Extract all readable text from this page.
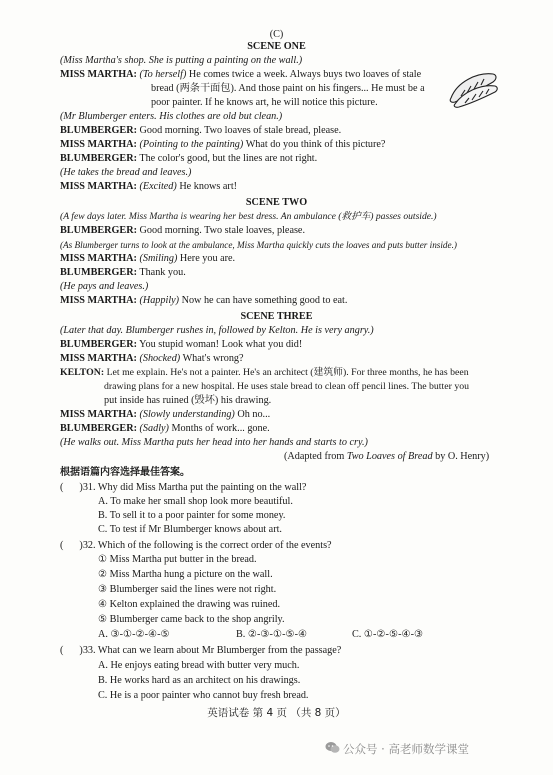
(C)
SCENE ONE
(Miss Martha's shop. She is putting a painting on the wall.)
MISS MARTHA: (To herself) He comes twice a week. Always buys two loaves of stale
bread (两条干面包). And those paint on his fingers... He must be a
poor painter. If he knows art, he will notice this picture.
(Mr Blumberger enters. His clothes are old but clean.)
BLUMBERGER: Good morning. Two loaves of stale bread, please.
MISS MARTHA: (Pointing to the painting) What do you think of this picture?
BLUMBERGER: The color's good, but the lines are not right.
(He takes the bread and leaves.)
MISS MARTHA: (Excited) He knows art!
SCENE TWO
(A few days later. Miss Martha is wearing her best dress. An ambulance (救护车) passes outside.)
BLUMBERGER: Good morning. Two stale loaves, please.
(As Blumberger turns to look at the ambulance, Miss Martha quickly cuts the loaves and puts butter inside.)
MISS MARTHA: (Smiling) Here you are.
BLUMBERGER: Thank you.
(He pays and leaves.)
MISS MARTHA: (Happily) Now he can have something good to eat.
SCENE THREE
(Later that day. Blumberger rushes in, followed by Kelton. He is very angry.)
BLUMBERGER: You stupid woman! Look what you did!
MISS MARTHA: (Shocked) What's wrong?
KELTON: Let me explain. He's not a painter. He's an architect (建筑师). For three months, he has been
drawing plans for a new hospital. He uses stale bread to clean off pencil lines. The butter you
put inside has ruined (毁坏) his drawing.
MISS MARTHA: (Slowly understanding) Oh no...
BLUMBERGER: (Sadly) Months of work... gone.
(He walks out. Miss Martha puts her head into her hands and starts to cry.)
(Adapted from Two Loaves of Bread by O. Henry)
根据语篇内容选择最佳答案。
( )31. Why did Miss Martha put the painting on the wall?
A. To make her small shop look more beautiful.
B. To sell it to a poor painter for some money.
C. To test if Mr Blumberger knows about art.
( )32. Which of the following is the correct order of the events?
① Miss Martha put butter in the bread.
② Miss Martha hung a picture on the wall.
③ Blumberger said the lines were not right.
④ Kelton explained the drawing was ruined.
⑤ Blumberger came back to the shop angrily.
A. ③-①-②-④-⑤	B. ②-③-①-⑤-④	C. ①-②-⑤-④-③
( )33. What can we learn about Mr Blumberger from the passage?
A. He enjoys eating bread with butter very much.
B. He works hard as an architect on his drawings.
C. He is a poor painter who cannot buy fresh bread.
英语试卷 第 4 页 （共 8 页）
公众号 · 高老师数学课堂
